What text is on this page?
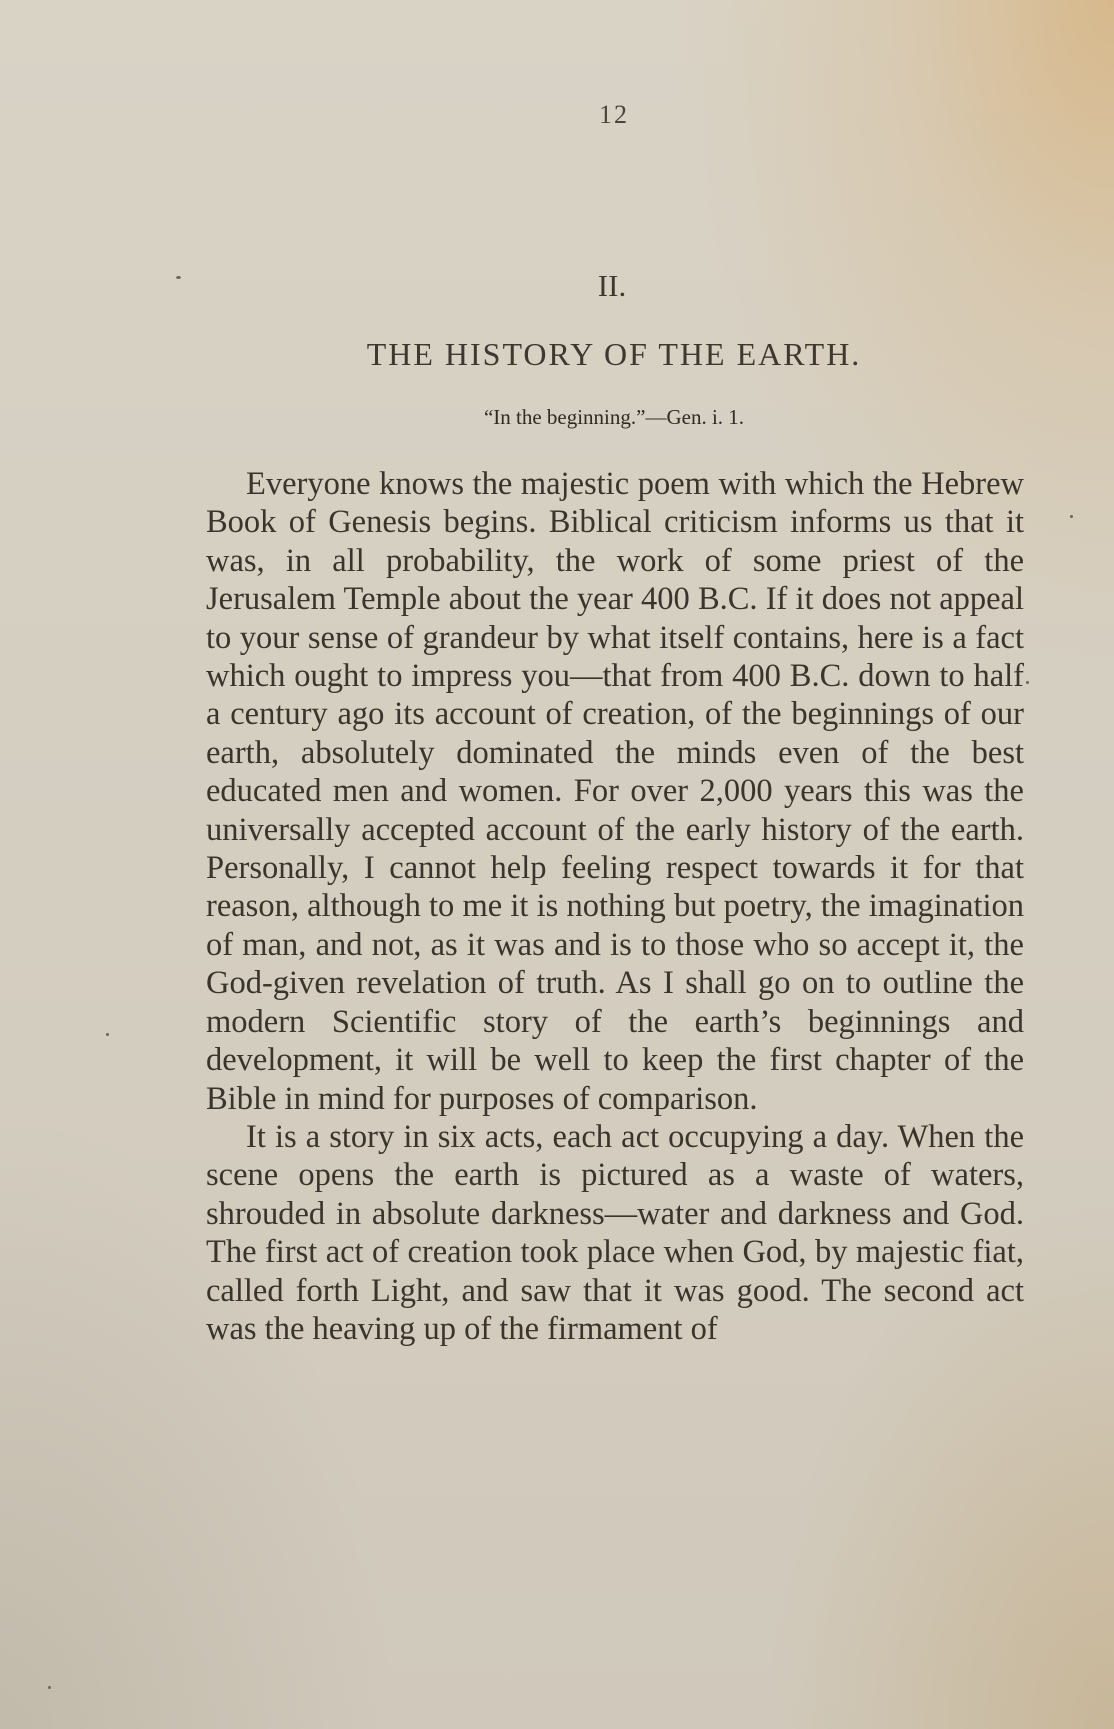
12
II.
THE HISTORY OF THE EARTH.
“In the beginning.”—Gen. i. 1.

Everyone knows the majestic poem with which the Hebrew Book of Genesis begins. Biblical criticism informs us that it was, in all probability, the work of some priest of the Jerusalem Temple about the year 400 B.C. If it does not appeal to your sense of grandeur by what itself contains, here is a fact which ought to impress you—that from 400 B.C. down to half a century ago its account of creation, of the beginnings of our earth, absolutely dominated the minds even of the best educated men and women. For over 2,000 years this was the universally accepted account of the early history of the earth. Personally, I cannot help feeling respect towards it for that reason, although to me it is nothing but poetry, the imagination of man, and not, as it was and is to those who so accept it, the God-given revelation of truth. As I shall go on to outline the modern Scientific story of the earth’s beginnings and development, it will be well to keep the first chapter of the Bible in mind for purposes of comparison.

It is a story in six acts, each act occupying a day. When the scene opens the earth is pictured as a waste of waters, shrouded in absolute darkness—water and darkness and God. The first act of creation took place when God, by majestic fiat, called forth Light, and saw that it was good. The second act was the heaving up of the firmament of
